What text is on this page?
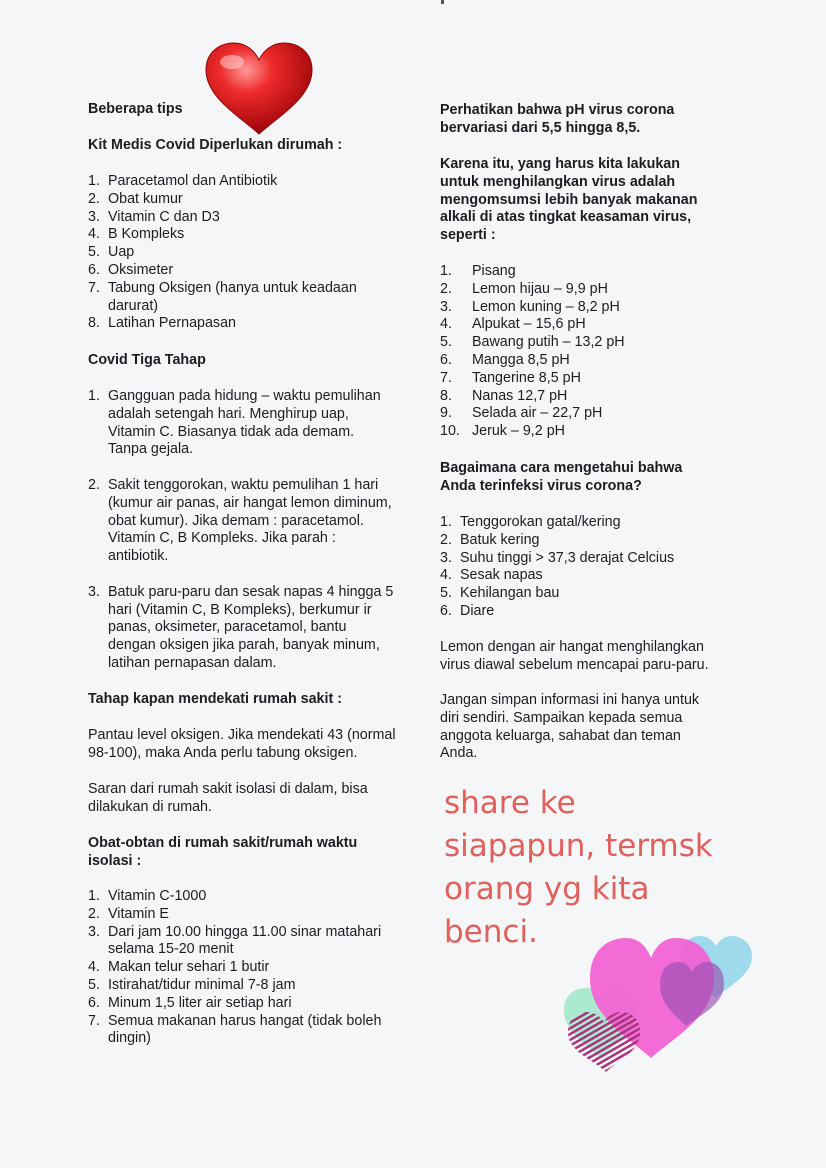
Beberapa tips

Kit Medis Covid Diperlukan dirumah :

1. Paracetamol dan Antibiotik
2. Obat kumur
3. Vitamin C dan D3
4. B Kompleks
5. Uap
6. Oksimeter
7. Tabung Oksigen (hanya untuk keadaan
darurat)
8. Latihan Pernapasan

Covid Tiga Tahap

1. Gangguan pada hidung – waktu pemulihan
adalah setengah hari. Menghirup uap,
Vitamin C. Biasanya tidak ada demam.
Tanpa gejala.
2. Sakit tenggorokan, waktu pemulihan 1 hari
(kumur air panas, air hangat lemon diminum,
obat kumur). Jika demam : paracetamol.
Vitamin C, B Kompleks. Jika parah :
antibiotik.
3. Batuk paru-paru dan sesak napas 4 hingga 5
hari (Vitamin C, B Kompleks), berkumur ir
panas, oksimeter, paracetamol, bantu
dengan oksigen jika parah, banyak minum,
latihan pernapasan dalam.

Tahap kapan mendekati rumah sakit :

Pantau level oksigen. Jika mendekati 43 (normal
98-100), maka Anda perlu tabung oksigen.

Saran dari rumah sakit isolasi di dalam, bisa
dilakukan di rumah.

Obat-obtan di rumah sakit/rumah waktu
isolasi :

1. Vitamin C-1000
2. Vitamin E
3. Dari jam 10.00 hingga 11.00 sinar matahari
selama 15-20 menit
4. Makan telur sehari 1 butir
5. Istirahat/tidur minimal 7-8 jam
6. Minum 1,5 liter air setiap hari
7. Semua makanan harus hangat (tidak boleh
dingin)

Perhatikan bahwa pH virus corona
bervariasi dari 5,5 hingga 8,5.

Karena itu, yang harus kita lakukan
untuk menghilangkan virus adalah
mengomsumsi lebih banyak makanan
alkali di atas tingkat keasaman virus,
seperti :

1. Pisang
2. Lemon hijau – 9,9 pH
3. Lemon kuning – 8,2 pH
4. Alpukat – 15,6 pH
5. Bawang putih – 13,2 pH
6. Mangga 8,5 pH
7. Tangerine 8,5 pH
8. Nanas 12,7 pH
9. Selada air – 22,7 pH
10. Jeruk – 9,2 pH

Bagaimana cara mengetahui bahwa
Anda terinfeksi virus corona?

1. Tenggorokan gatal/kering
2. Batuk kering
3. Suhu tinggi > 37,3 derajat Celcius
4. Sesak napas
5. Kehilangan bau
6. Diare

Lemon dengan air hangat menghilangkan
virus diawal sebelum mencapai paru-paru.

Jangan simpan informasi ini hanya untuk
diri sendiri. Sampaikan kepada semua
anggota keluarga, sahabat dan teman
Anda.

share ke
siapapun, termsk
orang yg kita
benci.
